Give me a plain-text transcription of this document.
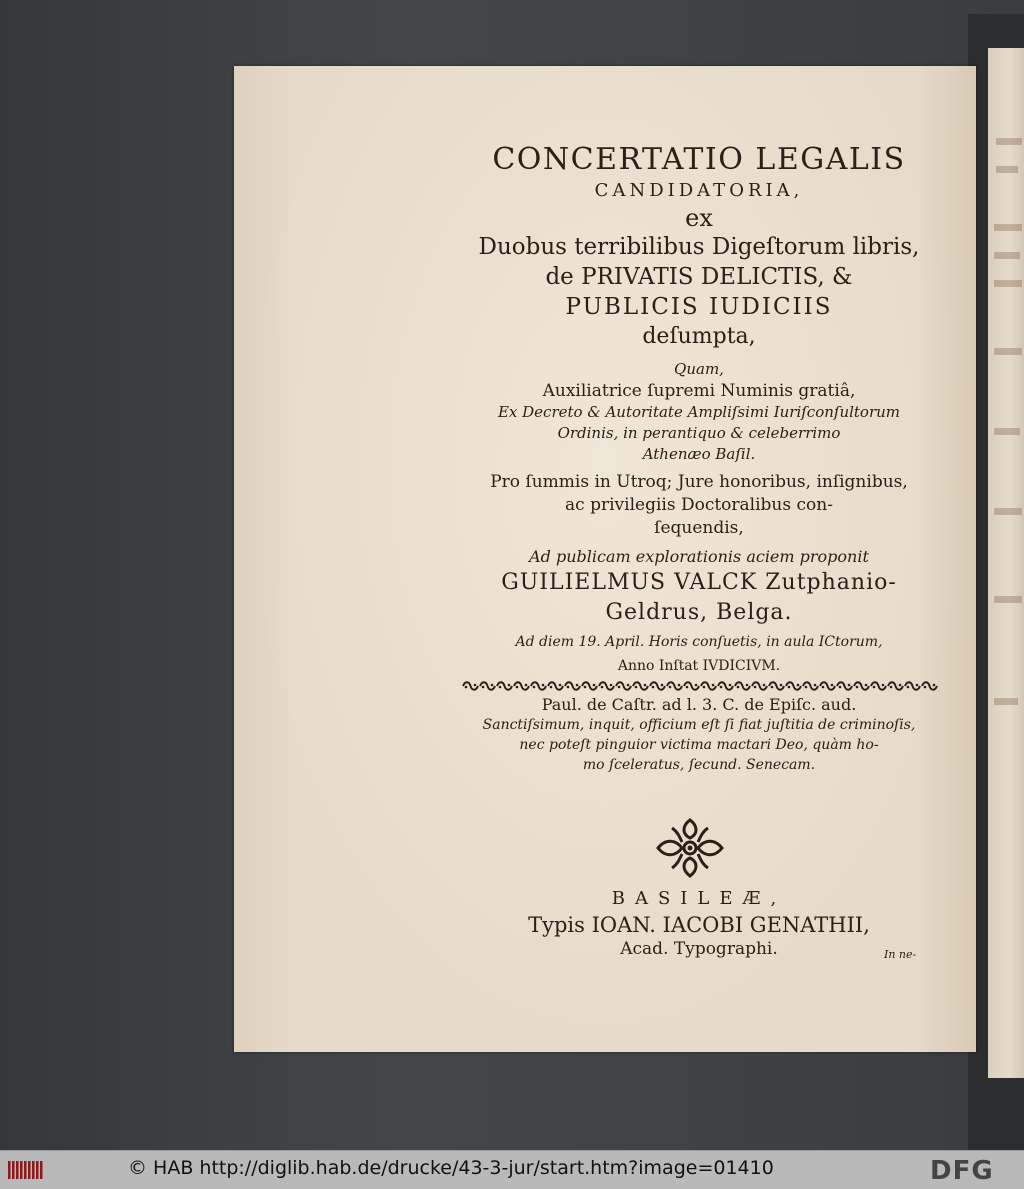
CONCERTATIO LEGALIS
CANDIDATORIA,
ex
Duobus terribilibus Digeſtorum libris,
de PRIVATIS DELICTIS, &
PUBLICIS IUDICIIS
deſumpta,
Quam,
Auxiliatrice ſupremi Numinis gratiâ,
Ex Decreto & Autoritate Ampliſsimi Iuriſconſultorum
Ordinis, in perantiquo & celeberrimo
Athenæo Baſil.
Pro ſummis in Utroq; Jure honoribus, inſignibus,
ac privilegiis Doctoralibus con-
ſequendis,
Ad publicam explorationis aciem proponit
GUILIELMUS VALCK Zutphanio-
Geldrus, Belga.
Ad diem 19. April. Horis conſuetis, in aula ICtorum,
Anno Inſtat IVDICIVM.
Paul. de Caſtr. ad l. 3. C. de Epiſc. aud.
Sanctiſsimum, inquit, officium eſt ſi fiat juſtitia de criminoſis,
nec poteſt pinguior victima mactari Deo, quàm ho-
mo ſceleratus, ſecund. Senecam.
BASILEÆ,
Typis IOAN. IACOBI GENATHII,
Acad. Typographi.	In ne-
© HAB http://diglib.hab.de/drucke/43-3-jur/start.htm?image=01410	DFG
